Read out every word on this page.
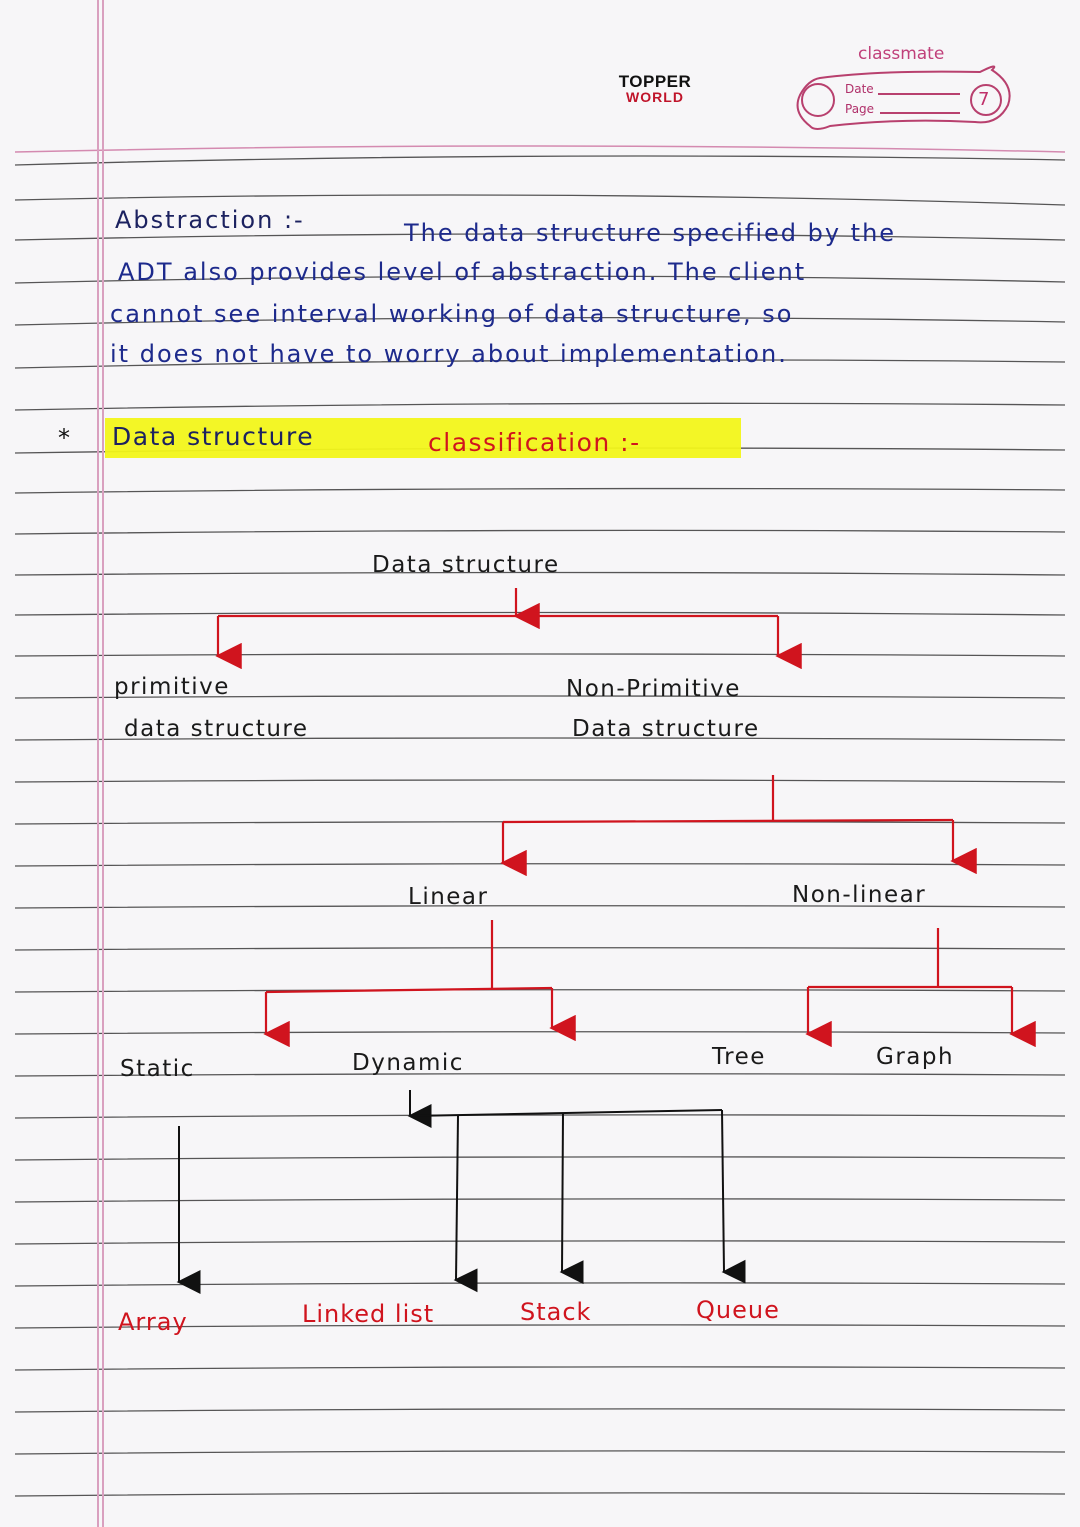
TOPPER
WORLD
classmate
Date
Page	7
Abstraction :-	The data structure specified by the
ADT also provides level of abstraction. The client
cannot see interval working of data structure, so
it does not have to worry about implementation.
* Data structure	classification :-
Data structure
primitive
data structure
Non-Primitive
Data structure
Linear	Non-linear
Static	Dynamic	Tree	Graph
Array	Linked list	Stack	Queue
